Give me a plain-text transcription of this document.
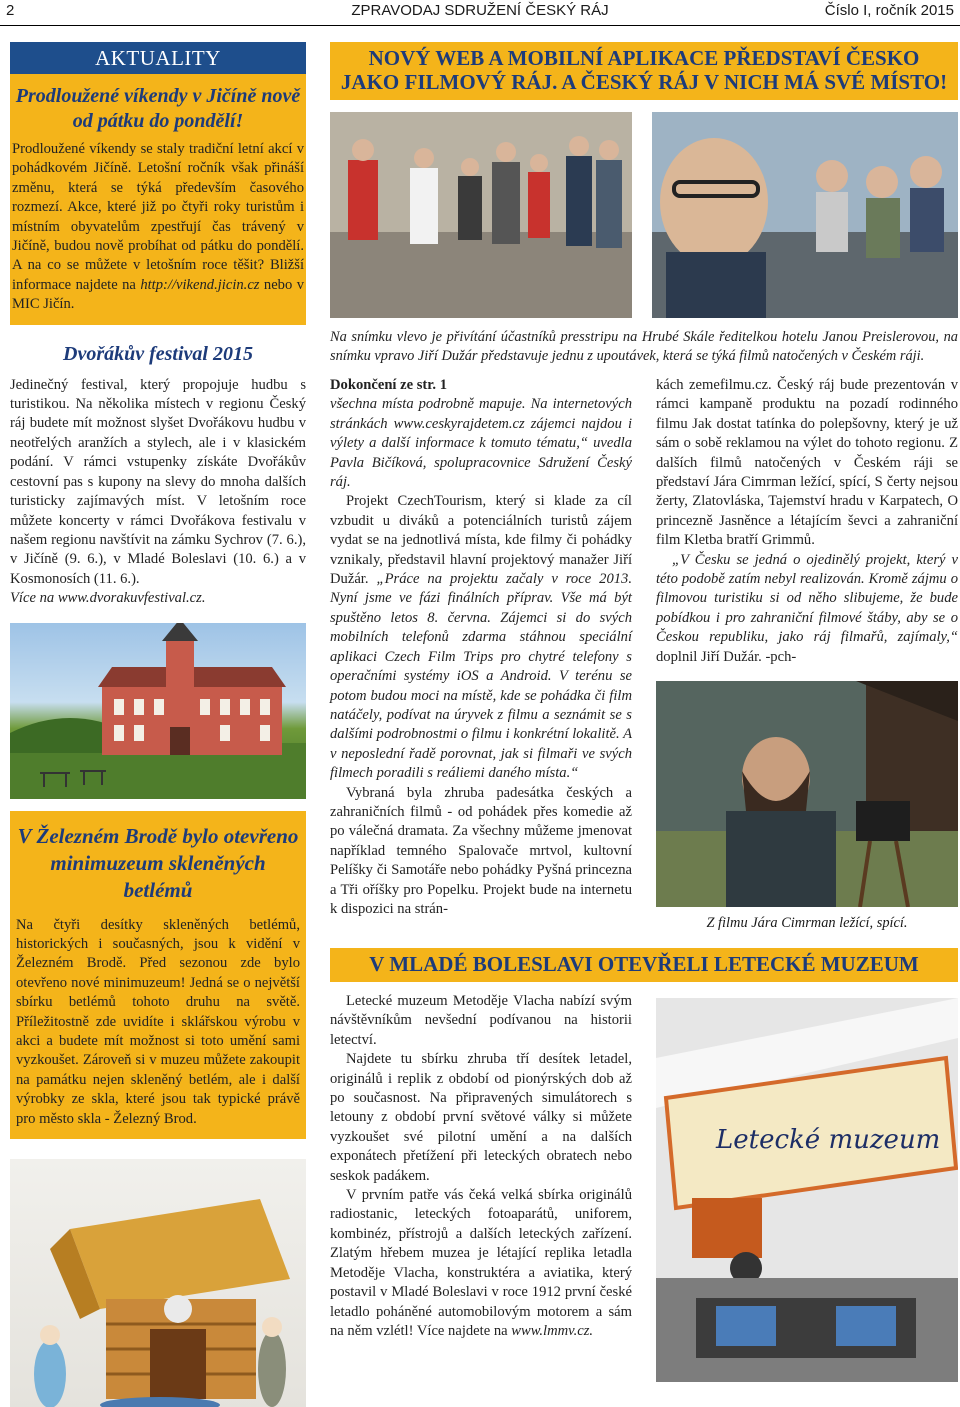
2	ZPRAVODAJ SDRUŽENÍ ČESKÝ RÁJ	Číslo I, ročník 2015
AKTUALITY
Prodloužené víkendy v Jičíně nově od pátku do pondělí!

Prodloužené víkendy se staly tradiční letní akcí v pohádkovém Jičíně. Letošní ročník však přináší změnu, která se týká především časového rozmezí. Akce, které již po čtyři roky turistům i místním obyvatelům zpestřují čas trávený v Jičíně, budou nově probíhat od pátku do pondělí. A na co se můžete v letošním roce těšit? Bližší informace najdete na http://vikend.jicin.cz nebo v MIC Jičín.

Dvořákův festival 2015

Jedinečný festival, který propojuje hudbu s turistikou. Na několika místech v regionu Český ráj budete mít možnost slyšet Dvořákovu hudbu v neotřelých aranžích a stylech, ale i v klasickém podání. V rámci vstupenky získáte Dvořákův cestovní pas s kupony na slevy do mnoha dalších turisticky zajímavých míst. V letošním roce můžete koncerty v rámci Dvořákova festivalu v našem regionu navštívit na zámku Sychrov (7. 6.), v Jičíně (9. 6.), v Mladé Boleslavi (10. 6.) a v Kosmonosích (11. 6.).

Více na www.dvorakuvfestival.cz.

V Železném Brodě bylo otevřeno minimuzeum skleněných betlémů

Na čtyři desítky skleněných betlémů, historických i současných, jsou k vidění v Železném Brodě. Před sezonou zde bylo otevřeno nové minimuzeum! Jedná se o největší sbírku betlémů tohoto druhu na světě. Příležitostně zde uvidíte i sklářskou výrobu v akci a budete mít možnost si toto umění sami vyzkoušet. Zároveň si v muzeu můžete zakoupit na památku nejen skleněný betlém, ale i další výrobky ze skla, které jsou tak typické právě pro město skla - Železný Brod.

NOVÝ WEB A MOBILNÍ APLIKACE PŘEDSTAVÍ ČESKO JAKO FILMOVÝ RÁJ. A ČESKÝ RÁJ V NICH MÁ SVÉ MÍSTO!

Na snímku vlevo je přivítání účastníků presstripu na Hrubé Skále ředitelkou hotelu Janou Preislerovou, na snímku vpravo Jiří Dužár představuje jednu z upoutávek, která se týká filmů natočených v Českém ráji.

Dokončení ze str. 1

všechna místa podrobně mapuje. Na internetových stránkách www.ceskyrajdetem.cz zájemci najdou i výlety a další informace k tomuto tématu,“ uvedla Pavla Bičíková, spolupracovnice Sdružení Český ráj.

Projekt CzechTourism, který si klade za cíl vzbudit u diváků a potenciálních turistů zájem vydat se na jednotlivá místa, kde filmy či pohádky vznikaly, představil hlavní projektový manažer Jiří Dužár. „Práce na projektu začaly v roce 2013. Nyní jsme ve fázi finálních příprav. Vše má být spuštěno letos 8. června. Zájemci si do svých mobilních telefonů zdarma stáhnou speciální aplikaci Czech Film Trips pro chytré telefony s operačními systémy iOS a Android. V terénu se potom budou moci na místě, kde se pohádka či film natáčely, podívat na úryvek z filmu a seznámit se s dalšími podrobnostmi o filmu i konkrétní lokalitě. A v neposlední řadě porovnat, jak si filmaři ve svých filmech poradili s reáliemi daného místa.“

Vybraná byla zhruba padesátka českých a zahraničních filmů - od pohádek přes komedie až po válečná dramata. Za všechny můžeme jmenovat například temného Spalovače mrtvol, kultovní Pelíšky či Samotáře nebo pohádky Pyšná princezna a Tři oříšky pro Popelku. Projekt bude na internetu k dispozici na strán-

kách zemefilmu.cz. Český ráj bude prezentován v rámci kampaně produktu na pozadí rodinného filmu Jak dostat tatínka do polepšovny, který je už sám o sobě reklamou na výlet do tohoto regionu. Z dalších filmů natočených v Českém ráji se představí Jára Cimrman ležící, spící, S čerty nejsou žerty, Zlatovláska, Tajemství hradu v Karpatech, O princezně Jasněnce a létajícím ševci a zahraniční film Kletba bratří Grimmů.

„V Česku se jedná o ojedinělý projekt, který v této podobě zatím nebyl realizován. Kromě zájmu o filmovou turistiku si od něho slibujeme, že bude pobídkou i pro zahraniční filmové štáby, aby se o Českou republiku, jako ráj filmařů, zajímaly,“ doplnil Jiří Dužár. -pch-

Z filmu Jára Cimrman ležící, spící.

V MLADÉ BOLESLAVI OTEVŘELI LETECKÉ MUZEUM

Letecké muzeum Metoděje Vlacha nabízí svým návštěvníkům nevšední podívanou na historii letectví.

Najdete tu sbírku zhruba tří desítek letadel, originálů i replik z období od pionýrských dob až po současnost. Na připravených simulátorech s letouny z období první světové války si můžete vyzkoušet své pilotní umění a na dalších exponátech přetížení při leteckých obratech nebo seskok padákem.

V prvním patře vás čeká velká sbírka originálů radiostanic, leteckých fotoaparátů, uniforem, kombinéz, přístrojů a dalších leteckých zařízení. Zlatým hřebem muzea je létající replika letadla Metoděje Vlacha, konstruktéra a aviatika, který postavil v Mladé Boleslavi v roce 1912 první české letadlo poháněné automobilovým motorem a sám na něm vzlétl! Více najdete na www.lmmv.cz.

Letecké muzeum
